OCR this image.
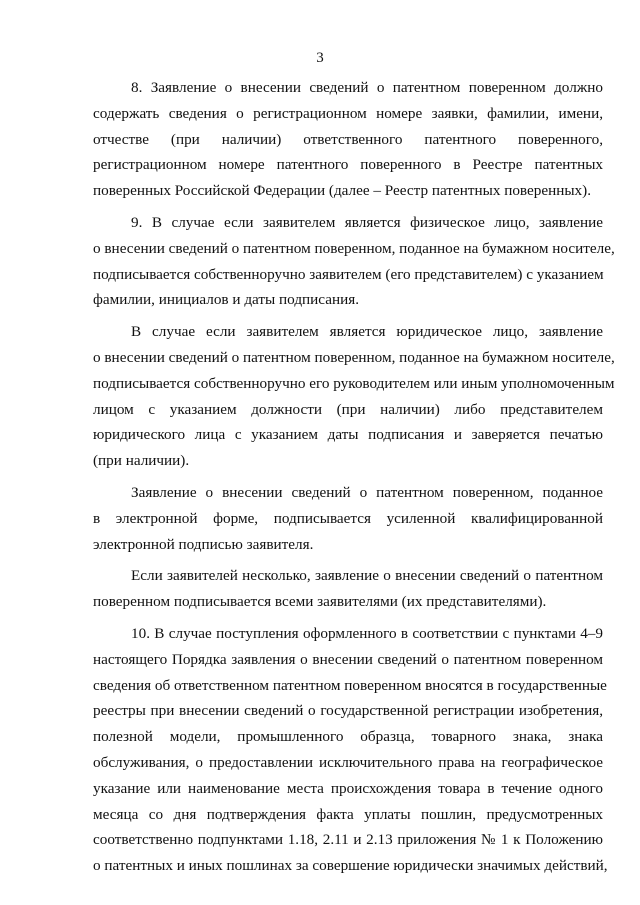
3

8. Заявление о внесении сведений о патентном поверенном должно
содержать сведения о регистрационном номере заявки, фамилии, имени,
отчестве (при наличии) ответственного патентного поверенного,
регистрационном номере патентного поверенного в Реестре патентных
поверенных Российской Федерации (далее – Реестр патентных поверенных).

9. В случае если заявителем является физическое лицо, заявление
о внесении сведений о патентном поверенном, поданное на бумажном носителе,
подписывается собственноручно заявителем (его представителем) с указанием
фамилии, инициалов и даты подписания.

В случае если заявителем является юридическое лицо, заявление
о внесении сведений о патентном поверенном, поданное на бумажном носителе,
подписывается собственноручно его руководителем или иным уполномоченным
лицом с указанием должности (при наличии) либо представителем
юридического лица с указанием даты подписания и заверяется печатью
(при наличии).

Заявление о внесении сведений о патентном поверенном, поданное
в электронной форме, подписывается усиленной квалифицированной
электронной подписью заявителя.

Если заявителей несколько, заявление о внесении сведений о патентном
поверенном подписывается всеми заявителями (их представителями).

10. В случае поступления оформленного в соответствии с пунктами 4–9
настоящего Порядка заявления о внесении сведений о патентном поверенном
сведения об ответственном патентном поверенном вносятся в государственные
реестры при внесении сведений о государственной регистрации изобретения,
полезной модели, промышленного образца, товарного знака, знака
обслуживания, о предоставлении исключительного права на географическое
указание или наименование места происхождения товара в течение одного
месяца со дня подтверждения факта уплаты пошлин, предусмотренных
соответственно подпунктами 1.18, 2.11 и 2.13 приложения № 1 к Положению
о патентных и иных пошлинах за совершение юридически значимых действий,
